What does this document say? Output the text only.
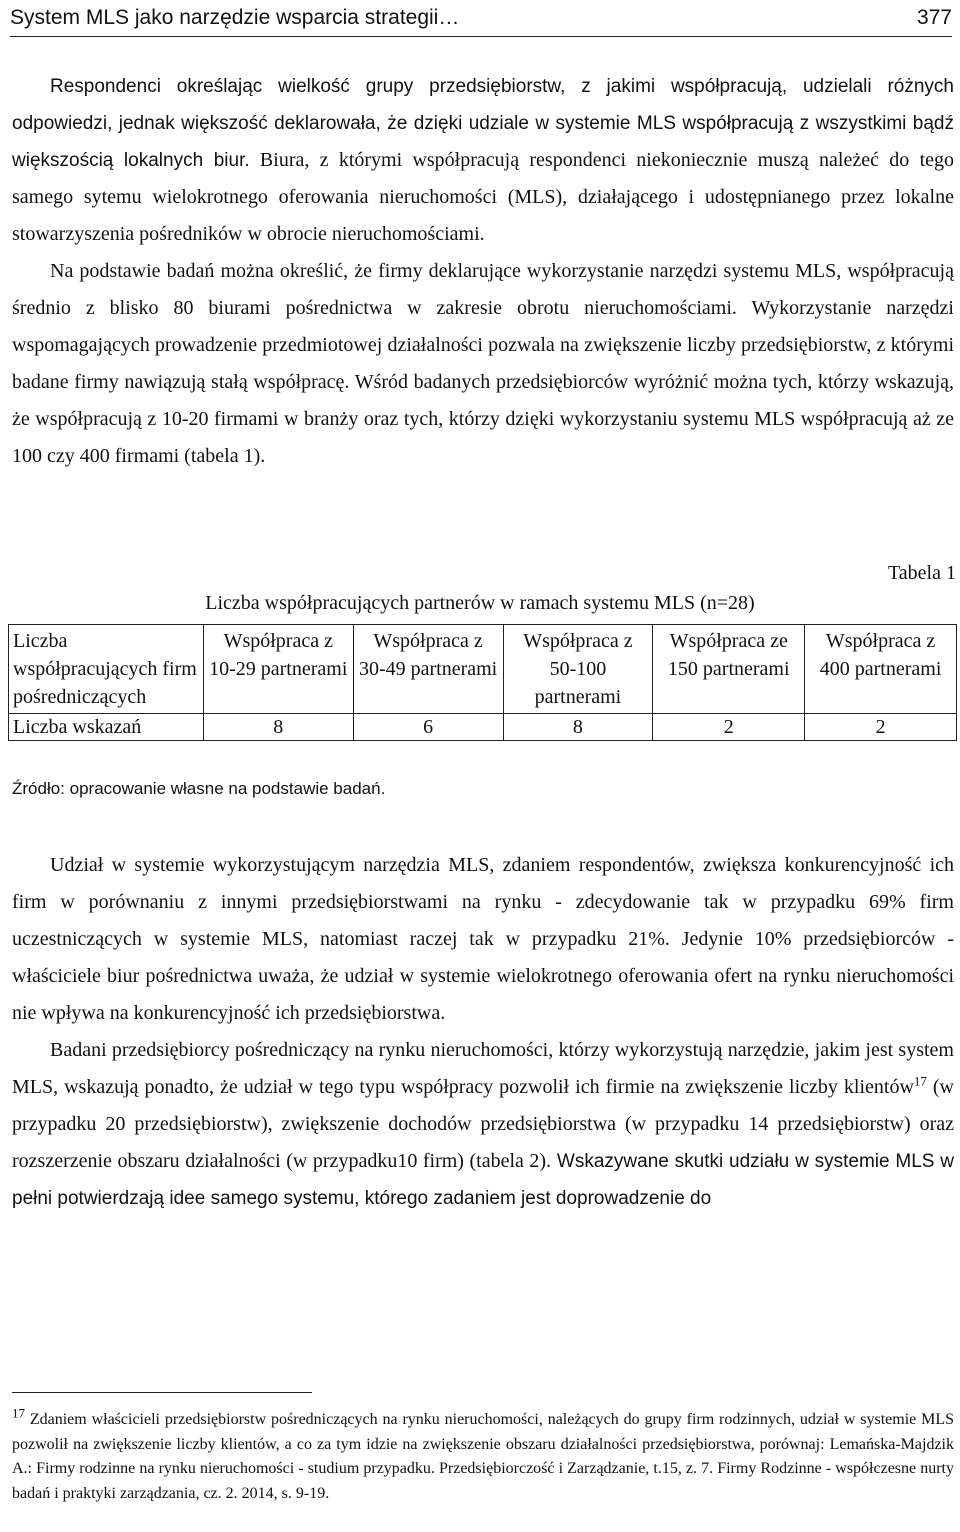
System MLS jako narzędzie wsparcia strategii…	377

Respondenci określając wielkość grupy przedsiębiorstw, z jakimi współpracują, udzielali różnych odpowiedzi, jednak większość deklarowała, że dzięki udziale w systemie MLS współpracują z wszystkimi bądź większością lokalnych biur. Biura, z którymi współpracują respondenci niekoniecznie muszą należeć do tego samego sytemu wielokrotnego oferowania nieruchomości (MLS), działającego i udostępnianego przez lokalne stowarzyszenia pośredników w obrocie nieruchomościami.

Na podstawie badań można określić, że firmy deklarujące wykorzystanie narzędzi systemu MLS, współpracują średnio z blisko 80 biurami pośrednictwa w zakresie obrotu nieruchomościami. Wykorzystanie narzędzi wspomagających prowadzenie przedmiotowej działalności pozwala na zwiększenie liczby przedsiębiorstw, z którymi badane firmy nawiązują stałą współpracę. Wśród badanych przedsiębiorców wyróżnić można tych, którzy wskazują, że współpracują z 10-20 firmami w branży oraz tych, którzy dzięki wykorzystaniu systemu MLS współpracują aż ze 100 czy 400 firmami (tabela 1).

Tabela 1
Liczba współpracujących partnerów w ramach systemu MLS (n=28)
Liczba współpracujących firm pośredniczących	Współpraca z 10-29 partnerami	Współpraca z 30-49 partnerami	Współpraca z 50-100 partnerami	Współpraca ze 150 partnerami	Współpraca z 400 partnerami
Liczba wskazań	8	6	8	2	2
Źródło: opracowanie własne na podstawie badań.

Udział w systemie wykorzystującym narzędzia MLS, zdaniem respondentów, zwiększa konkurencyjność ich firm w porównaniu z innymi przedsiębiorstwami na rynku - zdecydowanie tak w przypadku 69% firm uczestniczących w systemie MLS, natomiast raczej tak w przypadku 21%. Jedynie 10% przedsiębiorców - właściciele biur pośrednictwa uważa, że udział w systemie wielokrotnego oferowania ofert na rynku nieruchomości nie wpływa na konkurencyjność ich przedsiębiorstwa.

Badani przedsiębiorcy pośredniczący na rynku nieruchomości, którzy wykorzystują narzędzie, jakim jest system MLS, wskazują ponadto, że udział w tego typu współpracy pozwolił ich firmie na zwiększenie liczby klientów$^{17}$ (w przypadku 20 przedsiębiorstw), zwiększenie dochodów przedsiębiorstwa (w przypadku 14 przedsiębiorstw) oraz rozszerzenie obszaru działalności (w przypadku10 firm) (tabela 2). Wskazywane skutki udziału w systemie MLS w pełni potwierdzają idee samego systemu, którego zadaniem jest doprowadzenie do

$^{17}$ Zdaniem właścicieli przedsiębiorstw pośredniczących na rynku nieruchomości, należących do grupy firm rodzinnych, udział w systemie MLS pozwolił na zwiększenie liczby klientów, a co za tym idzie na zwiększenie obszaru działalności przedsiębiorstwa, porównaj: Lemańska-Majdzik A.: Firmy rodzinne na rynku nieruchomości - studium przypadku. Przedsiębiorczość i Zarządzanie, t.15, z. 7. Firmy Rodzinne - współczesne nurty badań i praktyki zarządzania, cz. 2. 2014, s. 9-19.
